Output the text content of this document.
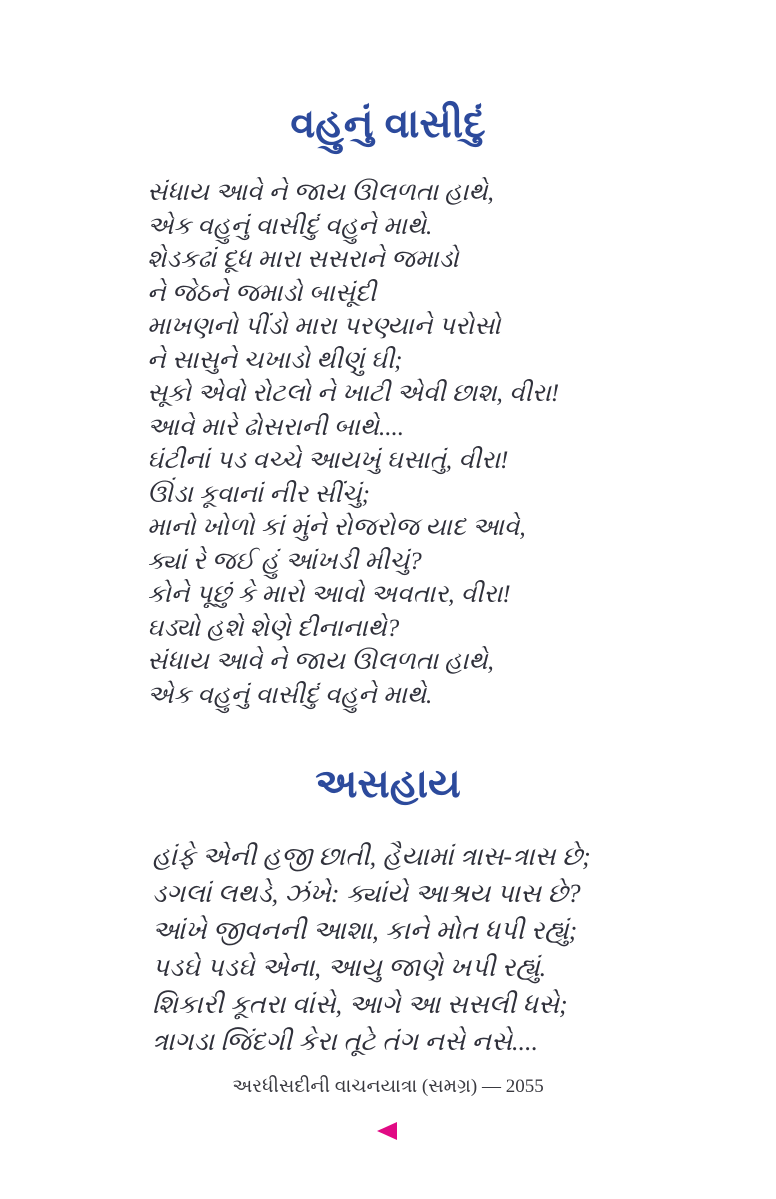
વહુનું વાસીદું
સંધાય આવે ને જાય ઊલળતા હાથે,
એક વહુનું વાસીદું વહુને માથે.
શેડકઢાં દૂધ મારા સસરાને જમાડો
ને જેઠને જમાડો બાસૂંદી
માખણનો પીંડો મારા પરણ્યાને પરોસો
ને સાસુને ચખાડો થીણું ઘી;
સૂકો એવો રોટલો ને ખાટી એવી છાશ, વીરા!
આવે મારે ઢોસરાની બાથે....
ઘંટીનાં પડ વચ્ચે આયખું ઘસાતું, વીરા!
ઊંડા કૂવાનાં નીર સીંચું;
માનો ખોળો કાં મુંને રોજરોજ યાદ આવે,
ક્યાં રે જઈ હું આંખડી મીચું?
કોને પૂછું કે મારો આવો અવતાર, વીરા!
ઘડ્યો હશે શેણે દીનાનાથે?
સંધાય આવે ને જાય ઊલળતા હાથે,
એક વહુનું વાસીદું વહુને માથે.
અસહાય
હાંફે એની હજી છાતી, હૈયામાં ત્રાસ-ત્રાસ છે;
ડગલાં લથડે, ઝંખે: ક્યાંયે આશ્રય પાસ છે?
આંખે જીવનની આશા, કાને મોત ધપી રહ્યું;
પડઘે પડઘે એના, આયુ જાણે ખપી રહ્યું.
શિકારી કૂતરા વાંસે, આગે આ સસલી ધસે;
ત્રાગડા જિંદગી કેરા તૂટે તંગ નસે નસે....
અરધીસદીની વાચનયાત્રા (સમગ્ર) — 2055
